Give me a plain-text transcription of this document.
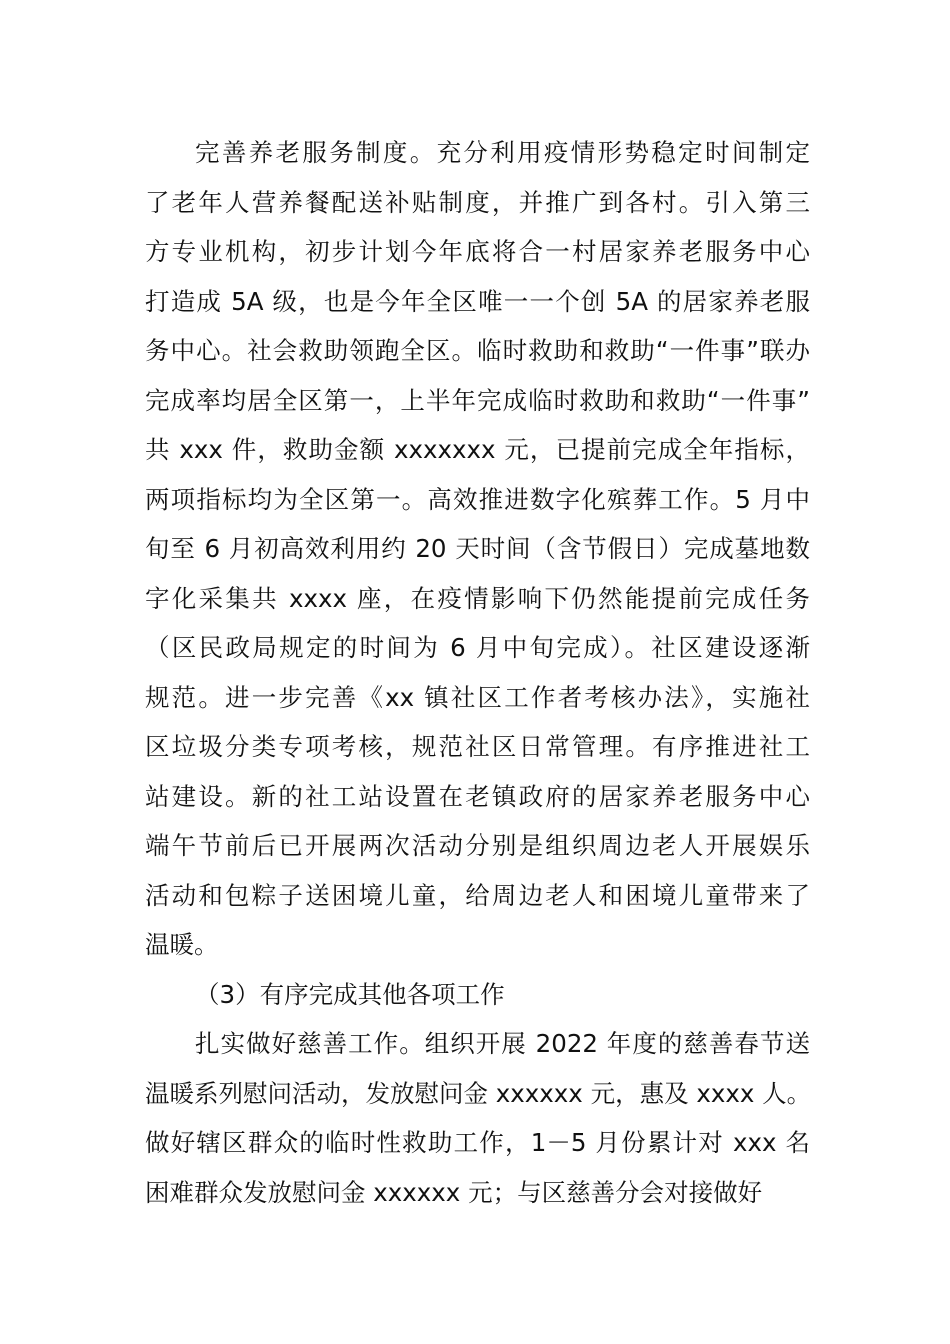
完善养老服务制度。充分利用疫情形势稳定时间制定
了老年人营养餐配送补贴制度，并推广到各村。引入第三
方专业机构，初步计划今年底将合一村居家养老服务中心
打造成 5A 级，也是今年全区唯一一个创 5A 的居家养老服
务中心。社会救助领跑全区。临时救助和救助“一件事”联办
完成率均居全区第一，上半年完成临时救助和救助“一件事”
共 xxx 件，救助金额 xxxxxxx 元，已提前完成全年指标，
两项指标均为全区第一。高效推进数字化殡葬工作。5 月中
旬至 6 月初高效利用约 20 天时间（含节假日）完成墓地数
字化采集共 xxxx 座，在疫情影响下仍然能提前完成任务
（区民政局规定的时间为 6 月中旬完成）。社区建设逐渐
规范。进一步完善《xx 镇社区工作者考核办法》，实施社
区垃圾分类专项考核，规范社区日常管理。有序推进社工
站建设。新的社工站设置在老镇政府的居家养老服务中心
端午节前后已开展两次活动分别是组织周边老人开展娱乐
活动和包粽子送困境儿童，给周边老人和困境儿童带来了
温暖。
（3）有序完成其他各项工作
扎实做好慈善工作。组织开展 2022 年度的慈善春节送
温暖系列慰问活动，发放慰问金 xxxxxx 元，惠及 xxxx 人。
做好辖区群众的临时性救助工作，1－5 月份累计对 xxx 名
困难群众发放慰问金 xxxxxx 元；与区慈善分会对接做好
